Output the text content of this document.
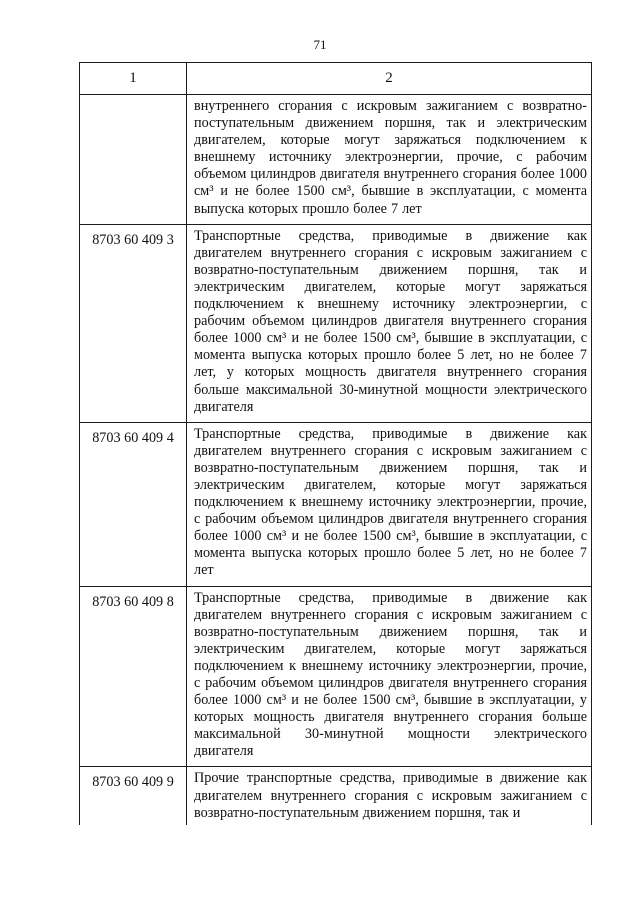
71
1	2
	внутреннего сгорания с искровым зажиганием с возвратно-поступательным движением поршня, так и электрическим двигателем, которые могут заряжаться подключением к внешнему источнику электроэнергии, прочие, с рабочим объемом цилиндров двигателя внутреннего сгорания более 1000 см³ и не более 1500 см³, бывшие в эксплуатации, с момента выпуска которых прошло более 7 лет
8703 60 409 3	Транспортные средства, приводимые в движение как двигателем внутреннего сгорания с искровым зажиганием с возвратно-поступательным движением поршня, так и электрическим двигателем, которые могут заряжаться подключением к внешнему источнику электроэнергии, с рабочим объемом цилиндров двигателя внутреннего сгорания более 1000 см³ и не более 1500 см³, бывшие в эксплуатации, с момента выпуска которых прошло более 5 лет, но не более 7 лет, у которых мощность двигателя внутреннего сгорания больше максимальной 30-минутной мощности электрического двигателя
8703 60 409 4	Транспортные средства, приводимые в движение как двигателем внутреннего сгорания с искровым зажиганием с возвратно-поступательным движением поршня, так и электрическим двигателем, которые могут заряжаться подключением к внешнему источнику электроэнергии, прочие, с рабочим объемом цилиндров двигателя внутреннего сгорания более 1000 см³ и не более 1500 см³, бывшие в эксплуатации, с момента выпуска которых прошло более 5 лет, но не более 7 лет
8703 60 409 8	Транспортные средства, приводимые в движение как двигателем внутреннего сгорания с искровым зажиганием с возвратно-поступательным движением поршня, так и электрическим двигателем, которые могут заряжаться подключением к внешнему источнику электроэнергии, прочие, с рабочим объемом цилиндров двигателя внутреннего сгорания более 1000 см³ и не более 1500 см³, бывшие в эксплуатации, у которых мощность двигателя внутреннего сгорания больше максимальной 30-минутной мощности электрического двигателя
8703 60 409 9	Прочие транспортные средства, приводимые в движение как двигателем внутреннего сгорания с искровым зажиганием с возвратно-поступательным движением поршня, так и
